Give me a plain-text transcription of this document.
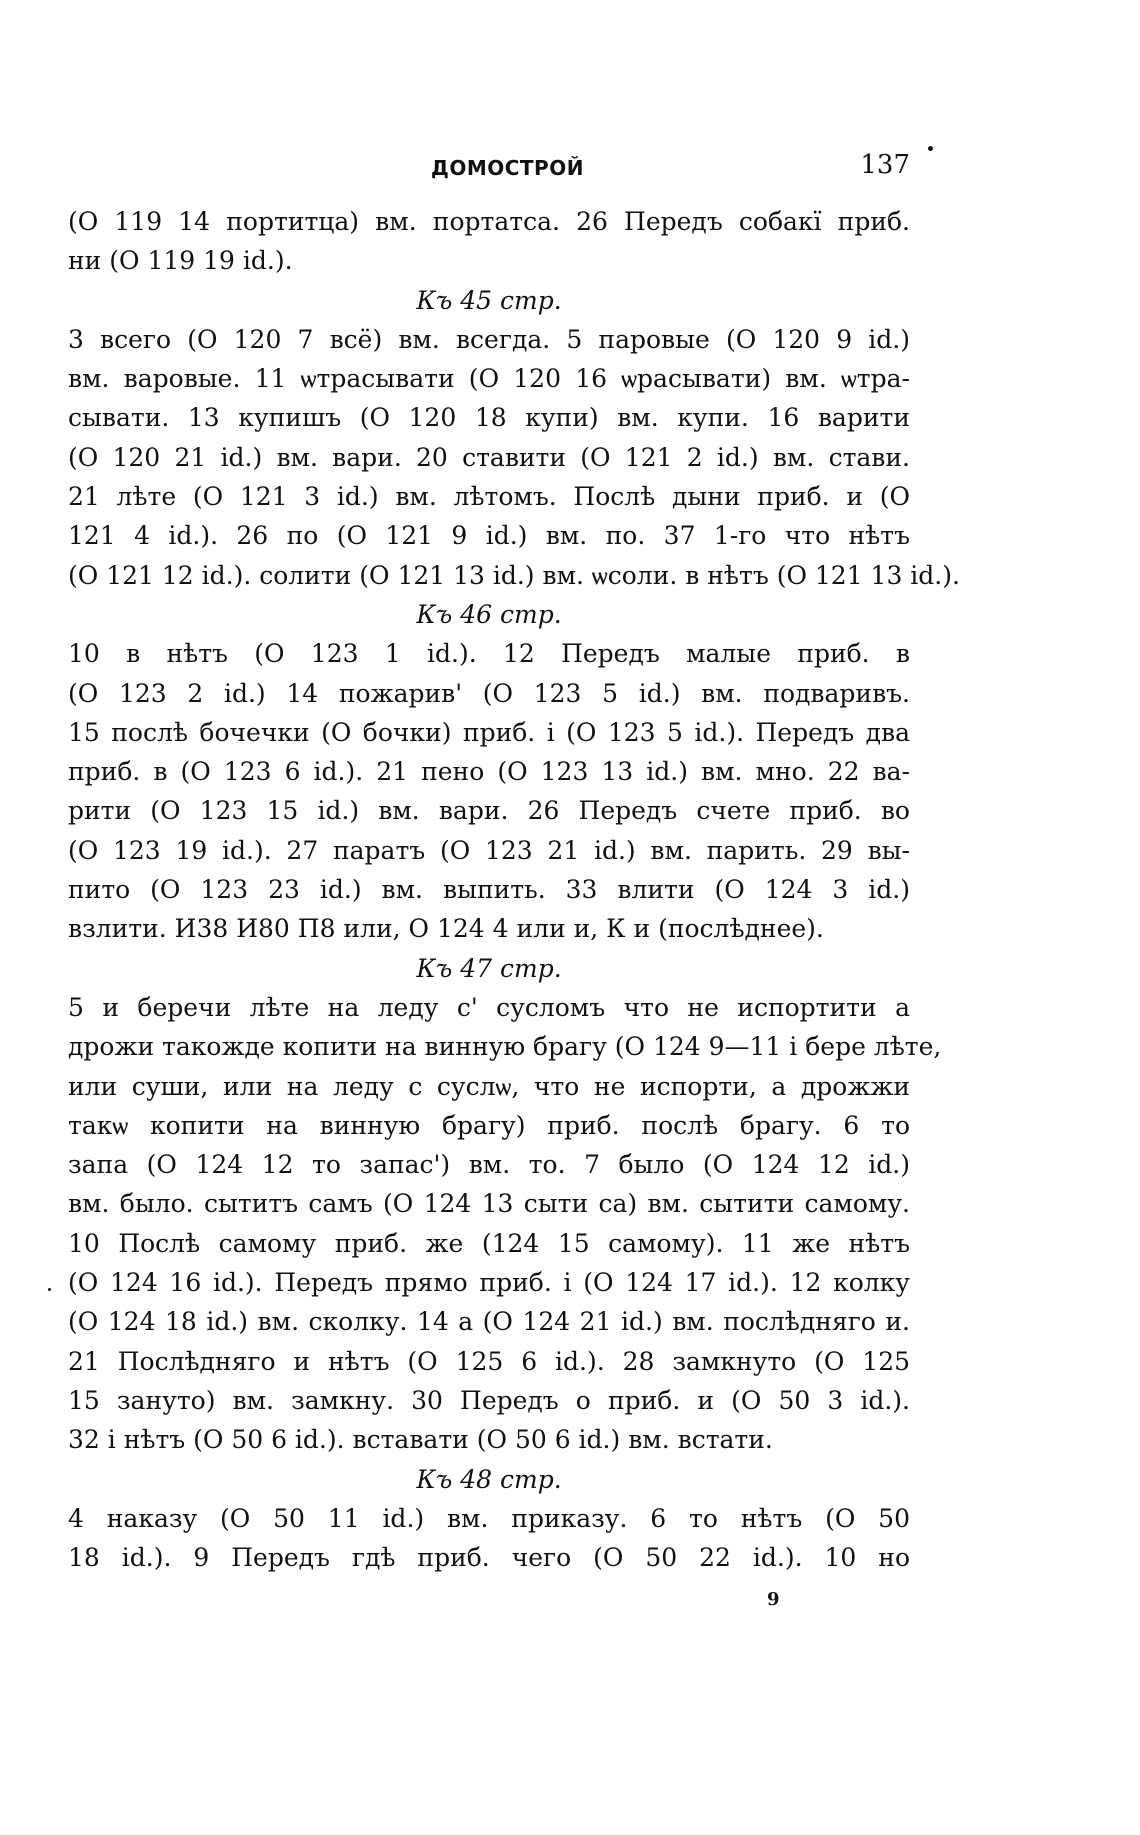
ДОМОСТРОЙ	137
(О 119 14 портитца) вм. портатса. 26 Передъ собакї приб.
ни (О 119 19 id.).
Къ 45 стр.
3 всего (О 120 7 всё) вм. всегда. 5 паровые (О 120 9 id.)
вм. варовые. 11 ѡтрасывати (О 120 16 ѡрасывати) вм. ѡтра-
сывати. 13 купишъ (О 120 18 купи) вм. купи. 16 варити
(О 120 21 id.) вм. вари. 20 ставити (О 121 2 id.) вм. стави.
21 лѣте (О 121 3 id.) вм. лѣтомъ. Послѣ дыни приб. и (О
121 4 id.). 26 по (О 121 9 id.) вм. по. 37 1-го что нѣтъ
(О 121 12 id.). солити (О 121 13 id.) вм. ѡсоли. в нѣтъ (О 121 13 id.).
Къ 46 стр.
10 в нѣтъ (О 123 1 id.). 12 Передъ малые приб. в
(О 123 2 id.) 14 пожарив' (О 123 5 id.) вм. подваривъ.
15 послѣ бочечки (О бочки) приб. і (О 123 5 id.). Передъ два
приб. в (О 123 6 id.). 21 пено (О 123 13 id.) вм. мно. 22 ва-
рити (О 123 15 id.) вм. вари. 26 Передъ счете приб. во
(О 123 19 id.). 27 паратъ (О 123 21 id.) вм. парить. 29 вы-
пито (О 123 23 id.) вм. выпить. 33 влити (О 124 3 id.)
взлити. И38 И80 П8 или, О 124 4 или и, К и (послѣднее).
Къ 47 стр.
5 и беречи лѣте на леду с' сусломъ что не испортити а
дрожи такожде копити на винную брагу (О 124 9—11 і бере лѣте,
или суши, или на леду с суслѡ, что не испорти, а дрожжи
такѡ копити на винную брагу) приб. послѣ брагу. 6 то
запа (О 124 12 то запас') вм. то. 7 было (О 124 12 id.)
вм. было. сытитъ самъ (О 124 13 сыти са) вм. сытити самому.
10 Послѣ самому приб. же (124 15 самому). 11 же нѣтъ
(О 124 16 id.). Передъ прямо приб. і (О 124 17 id.). 12 колку
(О 124 18 id.) вм. сколку. 14 а (О 124 21 id.) вм. послѣдняго и.
21 Послѣдняго и нѣтъ (О 125 6 id.). 28 замкнуто (О 125
15 зануто) вм. замкну. 30 Передъ о приб. и (О 50 3 id.).
32 і нѣтъ (О 50 6 id.). вставати (О 50 6 id.) вм. встати.
Къ 48 стр.
4 наказу (О 50 11 id.) вм. приказу. 6 то нѣтъ (О 50
18 id.). 9 Передъ гдѣ приб. чего (О 50 22 id.). 10 но
9
